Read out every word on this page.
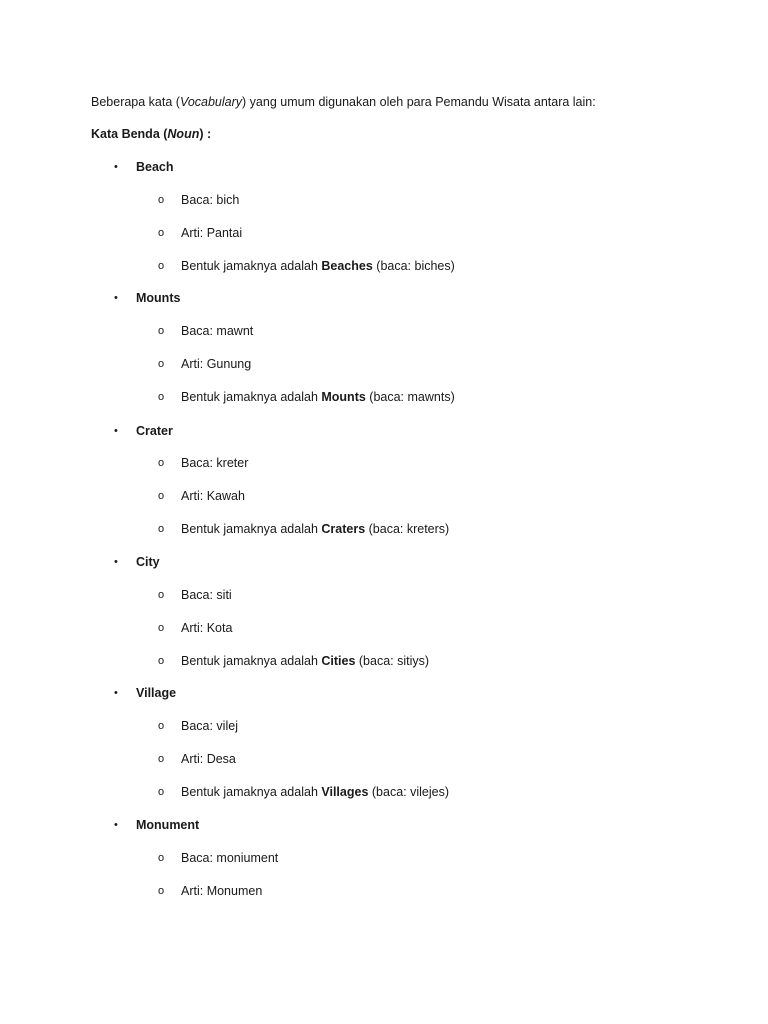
Beberapa kata (Vocabulary) yang umum digunakan oleh para Pemandu Wisata antara lain:
Kata Benda (Noun) :
• Beach
o Baca: bich
o Arti: Pantai
o Bentuk jamaknya adalah Beaches (baca: biches)
• Mounts
o Baca: mawnt
o Arti: Gunung
o Bentuk jamaknya adalah Mounts (baca: mawnts)
• Crater
o Baca: kreter
o Arti: Kawah
o Bentuk jamaknya adalah Craters (baca: kreters)
• City
o Baca: siti
o Arti: Kota
o Bentuk jamaknya adalah Cities (baca: sitiys)
• Village
o Baca: vilej
o Arti: Desa
o Bentuk jamaknya adalah Villages (baca: vilejes)
• Monument
o Baca: moniument
o Arti: Monumen
